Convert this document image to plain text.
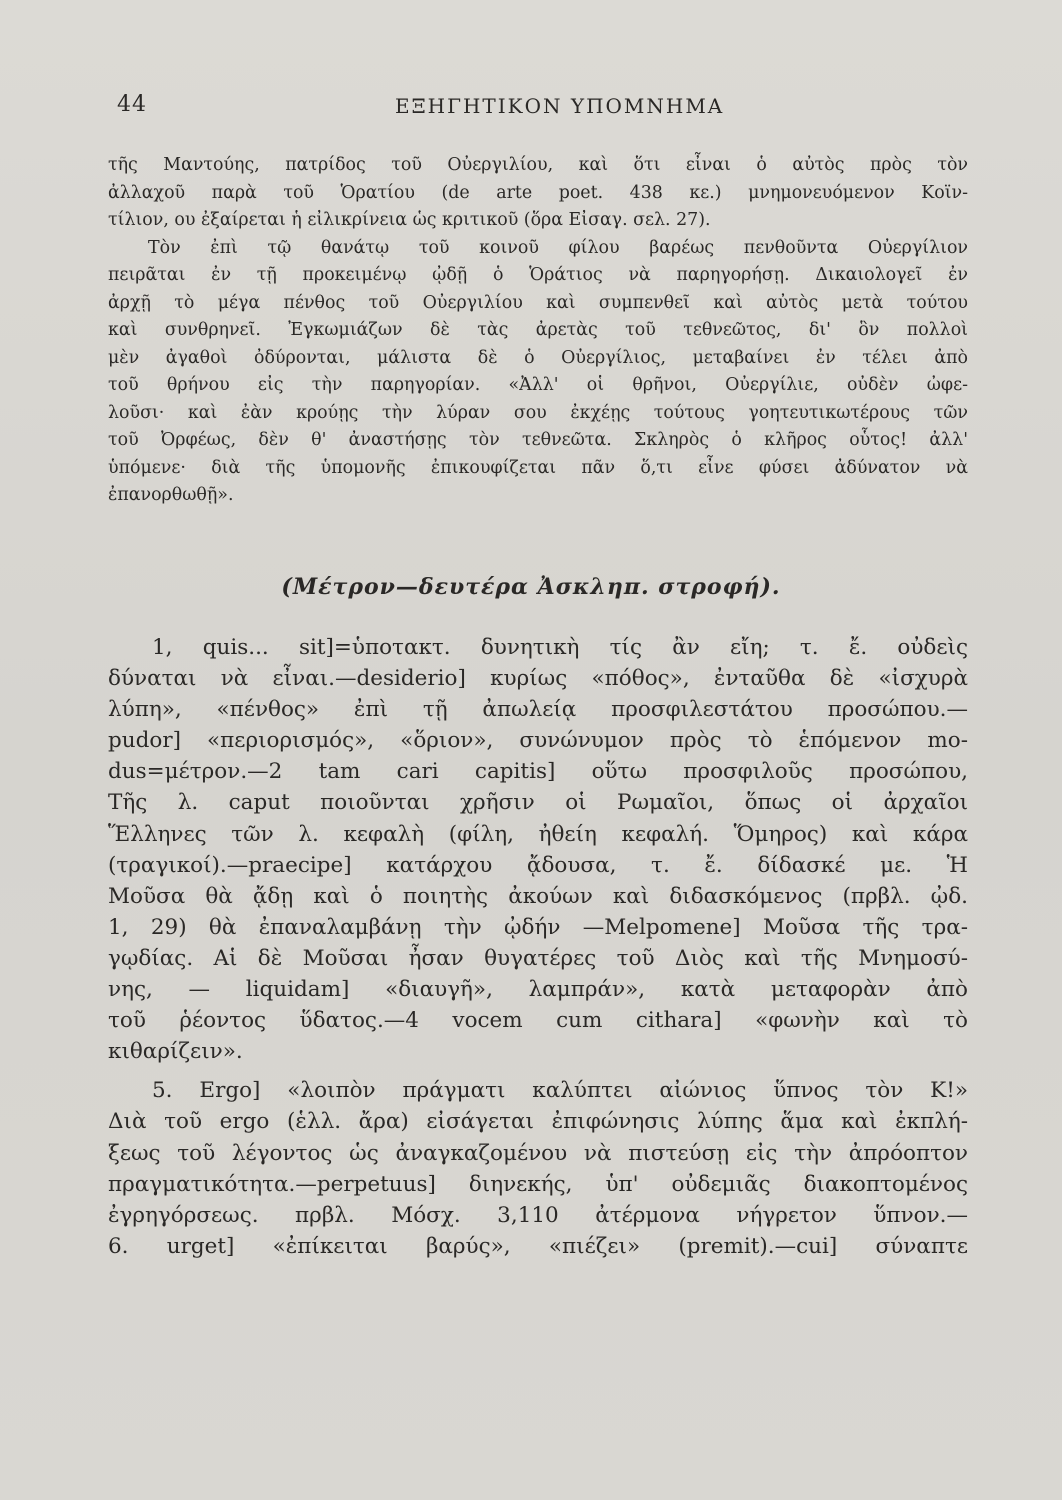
44	ΕΞΗΓΗΤΙΚΟΝ ΥΠΟΜΝΗΜΑ
τῆς Μαντούης, πατρίδος τοῦ Οὐεργιλίου, καὶ ὅτι εἶναι ὁ αὐτὸς πρὸς τὸν
ἀλλαχοῦ παρὰ τοῦ Ὁρατίου (de arte poet. 438 κε.) μνημονευόμενον Κοϊν-
τίλιον, ου ἐξαίρεται ἡ εἰλικρίνεια ὡς κριτικοῦ (ὅρα Εἰσαγ. σελ. 27).
Τὸν ἐπὶ τῷ θανάτῳ τοῦ κοινοῦ φίλου βαρέως πενθοῦντα Οὐεργίλιον
πειρᾶται ἐν τῇ προκειμένῳ ᾠδῇ ὁ Ὁράτιος νὰ παρηγορήσῃ. Δικαιολογεῖ ἐν
ἀρχῇ τὸ μέγα πένθος τοῦ Οὐεργιλίου καὶ συμπενθεῖ καὶ αὐτὸς μετὰ τούτου
καὶ συνθρηνεῖ. Ἐγκωμιάζων δὲ τὰς ἀρετὰς τοῦ τεθνεῶτος, δι' ὃν πολλοὶ
μὲν ἀγαθοὶ ὀδύρονται, μάλιστα δὲ ὁ Οὐεργίλιος, μεταβαίνει ἐν τέλει ἀπὸ
τοῦ θρήνου εἰς τὴν παρηγορίαν. «Ἀλλ' οἱ θρῆνοι, Οὐεργίλιε, οὐδὲν ὠφε-
λοῦσι· καὶ ἐὰν κρούῃς τὴν λύραν σου ἐκχέῃς τούτους γοητευτικωτέρους τῶν
τοῦ Ὀρφέως, δὲν θ' ἀναστήσῃς τὸν τεθνεῶτα. Σκληρὸς ὁ κλῆρος οὗτος! ἀλλ'
ὑπόμενε· διὰ τῆς ὑπομονῆς ἐπικουφίζεται πᾶν ὅ,τι εἶνε φύσει ἀδύνατον νὰ
ἐπανορθωθῇ».
(Μέτρον—δευτέρα Ἀσκληπ. στροφή).
1, quis... sit]=ὑποτακτ. δυνητικὴ τίς ἂν εἴη; τ. ἔ. οὐδεὶς
δύναται νὰ εἶναι.—desiderio] κυρίως «πόθος», ἐνταῦθα δὲ «ἰσχυρὰ
λύπη», «πένθος» ἐπὶ τῇ ἀπωλείᾳ προσφιλεστάτου προσώπου.—
pudor] «περιορισμός», «ὅριον», συνώνυμον πρὸς τὸ ἑπόμενον mo-
dus=μέτρον.—2 tam cari capitis] οὕτω προσφιλοῦς προσώπου,
Τῆς λ. caput ποιοῦνται χρῆσιν οἱ Ρωμαῖοι, ὅπως οἱ ἀρχαῖοι
Ἕλληνες τῶν λ. κεφαλὴ (φίλη, ἠθείη κεφαλή. Ὅμηρος) καὶ κάρα
(τραγικοί).—praecipe] κατάρχου ᾄδουσα, τ. ἔ. δίδασκέ με. Ἡ
Μοῦσα θὰ ᾄδῃ καὶ ὁ ποιητὴς ἀκούων καὶ διδασκόμενος (πρβλ. ᾠδ.
1, 29) θὰ ἐπαναλαμβάνῃ τὴν ᾠδήν —Melpomene] Μοῦσα τῆς τρα-
γῳδίας. Αἱ δὲ Μοῦσαι ἦσαν θυγατέρες τοῦ Διὸς καὶ τῆς Μνημοσύ-
νης, — liquidam] «διαυγῆ», λαμπράν», κατὰ μεταφορὰν ἀπὸ
τοῦ ῥέοντος ὕδατος.—4 vocem cum cithara] «φωνὴν καὶ τὸ
κιθαρίζειν».
5. Ergo] «λοιπὸν πράγματι καλύπτει αἰώνιος ὕπνος τὸν Κ!»
Διὰ τοῦ ergo (ἑλλ. ἄρα) εἰσάγεται ἐπιφώνησις λύπης ἅμα καὶ ἐκπλή-
ξεως τοῦ λέγοντος ὡς ἀναγκαζομένου νὰ πιστεύσῃ εἰς τὴν ἀπρόοπτον
πραγματικότητα.—perpetuus] διηνεκής, ὑπ' οὐδεμιᾶς διακοπτομένος
ἐγρηγόρσεως. πρβλ. Μόσχ. 3,110 ἀτέρμονα νήγρετον ὕπνον.—
6. urget] «ἐπίκειται βαρύς», «πιέζει» (premit).—cui] σύναπτε
